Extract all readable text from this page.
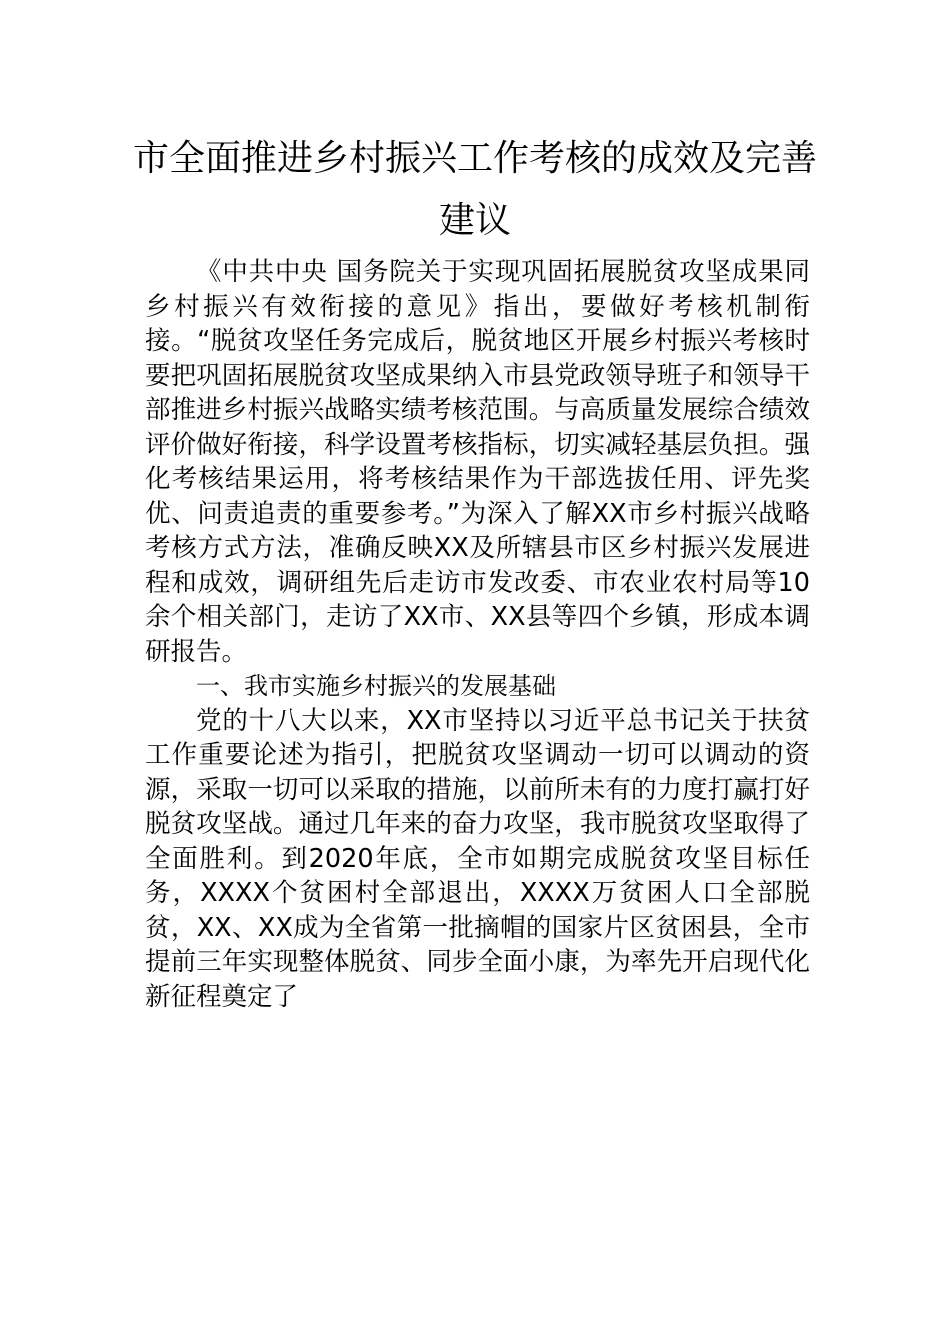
市全面推进乡村振兴工作考核的成效及完善建议

《中共中央 国务院关于实现巩固拓展脱贫攻坚成果同乡村振兴有效衔接的意见》指出，要做好考核机制衔接。“脱贫攻坚任务完成后，脱贫地区开展乡村振兴考核时要把巩固拓展脱贫攻坚成果纳入市县党政领导班子和领导干部推进乡村振兴战略实绩考核范围。与高质量发展综合绩效评价做好衔接，科学设置考核指标，切实减轻基层负担。强化考核结果运用，将考核结果作为干部选拔任用、评先奖优、问责追责的重要参考。”为深入了解XX市乡村振兴战略考核方式方法，准确反映XX及所辖县市区乡村振兴发展进程和成效，调研组先后走访市发改委、市农业农村局等10余个相关部门，走访了XX市、XX县等四个乡镇，形成本调研报告。

一、我市实施乡村振兴的发展基础

党的十八大以来，XX市坚持以习近平总书记关于扶贫工作重要论述为指引，把脱贫攻坚调动一切可以调动的资源，采取一切可以采取的措施，以前所未有的力度打赢打好脱贫攻坚战。通过几年来的奋力攻坚，我市脱贫攻坚取得了全面胜利。到2020年底，全市如期完成脱贫攻坚目标任务，XXXX个贫困村全部退出，XXXX万贫困人口全部脱贫，XX、XX成为全省第一批摘帽的国家片区贫困县，全市提前三年实现整体脱贫、同步全面小康，为率先开启现代化新征程奠定了
